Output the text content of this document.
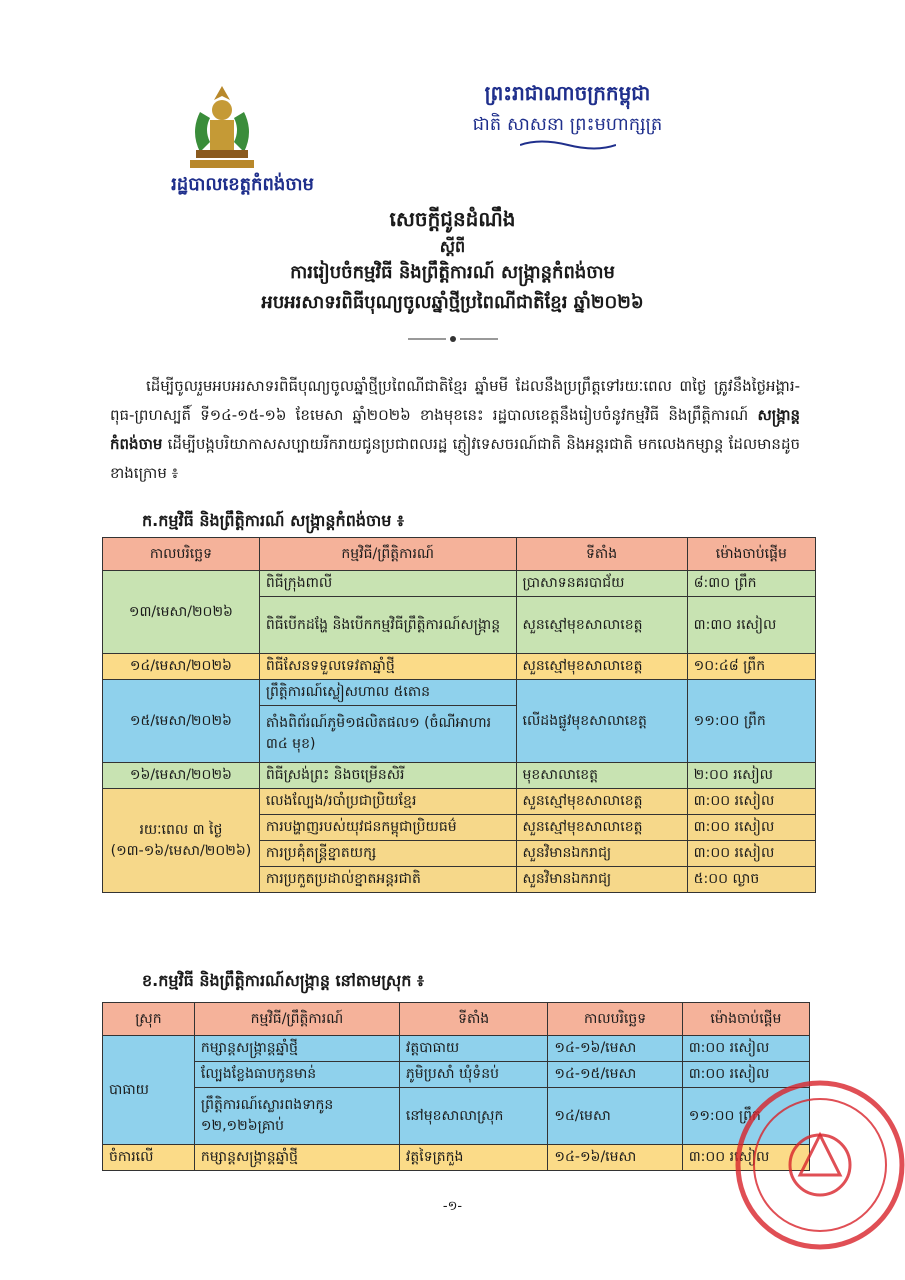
រដ្ឋបាលខេត្តកំពង់ចាម
ព្រះរាជាណាចក្រកម្ពុជា
ជាតិ សាសនា ព្រះមហាក្សត្រ
សេចក្តីជូនដំណឹង
ស្តីពី
ការរៀបចំកម្មវិធី និងព្រឹត្តិការណ៍ សង្ក្រាន្តកំពង់ចាម
អបអរសាទរពិធីបុណ្យចូលឆ្នាំថ្មីប្រពៃណីជាតិខ្មែរ ឆ្នាំ២០២៦
ដើម្បីចូលរួមអបអរសាទរពិធីបុណ្យចូលឆ្នាំថ្មីប្រពៃណីជាតិខ្មែរ ឆ្នាំមមី ដែលនឹងប្រព្រឹត្តទៅរយៈពេល ៣ថ្ងៃ ត្រូវនឹងថ្ងៃអង្គារ-ពុធ-ព្រហស្បតិ៍ ទី១៤-១៥-១៦ ខែមេសា ឆ្នាំ២០២៦ ខាងមុខនេះ រដ្ឋបាលខេត្តនឹងរៀបចំនូវកម្មវិធី និងព្រឹត្តិការណ៍ សង្ក្រាន្តកំពង់ចាម ដើម្បីបង្កបរិយាកាសសប្បាយរីករាយជូនប្រជាពលរដ្ឋ ភ្ញៀវទេសចរណ៍ជាតិ និងអន្តរជាតិ មកលេងកម្សាន្ត ដែលមានដូចខាងក្រោម ៖
ក.កម្មវិធី និងព្រឹត្តិការណ៍ សង្ក្រាន្តកំពង់ចាម ៖
កាលបរិច្ឆេទ	កម្មវិធី/ព្រឹត្តិការណ៍	ទីតាំង	ម៉ោងចាប់ផ្តើម
១៣/មេសា/២០២៦	ពិធីក្រុងពាលី	ប្រាសាទនគរបាជ័យ	៨:៣០ ព្រឹក
	ពិធីបើកដង្ហែ និងបើកកម្មវិធីព្រឹត្តិការណ៍សង្ក្រាន្ត	សួនស្មៅមុខសាលាខេត្ត	៣:៣០ រសៀល
១៤/មេសា/២០២៦	ពិធីសែនទទួលទេវតាឆ្នាំថ្មី	សួនស្មៅមុខសាលាខេត្ត	១០:៤៨ ព្រឹក
១៥/មេសា/២០២៦	ព្រឹត្តិការណ៍ស្លៀសហាល ៥តោន	លើដងផ្លូវមុខសាលាខេត្ត	១១:០០ ព្រឹក
	តាំងពិព័រណ៍ភូមិ១ផលិតផល១ (ចំណីអាហារ ៣៤ មុខ)		
១៦/មេសា/២០២៦	ពិធីស្រង់ព្រះ និងចម្រើនសិរី	មុខសាលាខេត្ត	២:០០ រសៀល
រយៈពេល ៣ ថ្ងៃ (១៣-១៦/មេសា/២០២៦)	លេងល្បែង/របាំប្រជាប្រិយខ្មែរ	សួនស្មៅមុខសាលាខេត្ត	៣:០០ រសៀល
	ការបង្ហាញរបស់យុវជនកម្ពុជាប្រិយធម៌	សួនស្មៅមុខសាលាខេត្ត	៣:០០ រសៀល
	ការប្រគុំតន្ត្រីខ្នាតយក្ស	សួនវិមានឯករាជ្យ	៣:០០ រសៀល
	ការប្រកួតប្រដាល់ខ្នាតអន្តរជាតិ	សួនវិមានឯករាជ្យ	៥:០០ ល្ងាច
ខ.កម្មវិធី និងព្រឹត្តិការណ៍សង្ក្រាន្ត នៅតាមស្រុក ៖
ស្រុក	កម្មវិធី/ព្រឹត្តិការណ៍	ទីតាំង	កាលបរិច្ឆេទ	ម៉ោងចាប់ផ្តើម
បាធាយ	កម្សាន្តសង្ក្រាន្តឆ្នាំថ្មី	វត្តបាធាយ	១៤-១៦/មេសា	៣:០០ រសៀល
	ល្បែងខ្លែងធាបកូនមាន់	ភូមិប្រសាំ ឃុំទំនប់	១៤-១៥/មេសា	៣:០០ រសៀល
	ព្រឹត្តិការណ៍ស្លោរពងទាកូន ១២,១២៦គ្រាប់	នៅមុខសាលាស្រុក	១៤/មេសា	១១:០០ ព្រឹក
ចំការលើ	កម្សាន្តសង្ក្រាន្តឆ្នាំថ្មី	វត្តទៃត្រកួង	១៤-១៦/មេសា	៣:០០ រសៀល
-១-
